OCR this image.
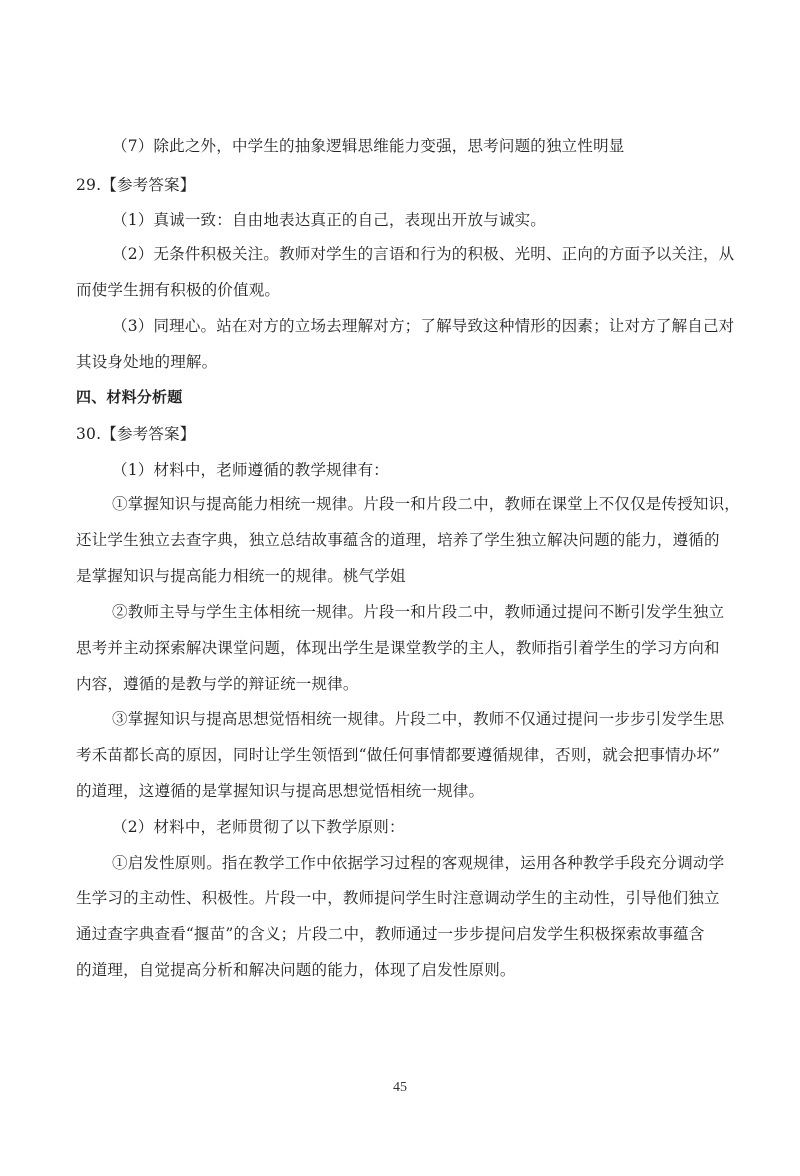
（7）除此之外，中学生的抽象逻辑思维能力变强，思考问题的独立性明显
29.【参考答案】
（1）真诚一致：自由地表达真正的自己，表现出开放与诚实。
（2）无条件积极关注。教师对学生的言语和行为的积极、光明、正向的方面予以关注，从
而使学生拥有积极的价值观。
（3）同理心。站在对方的立场去理解对方；了解导致这种情形的因素；让对方了解自己对
其设身处地的理解。
四、材料分析题
30.【参考答案】
（1）材料中，老师遵循的教学规律有：
①掌握知识与提高能力相统一规律。片段一和片段二中，教师在课堂上不仅仅是传授知识，
还让学生独立去查字典，独立总结故事蕴含的道理，培养了学生独立解决问题的能力，遵循的
是掌握知识与提高能力相统一的规律。桃气学姐
②教师主导与学生主体相统一规律。片段一和片段二中，教师通过提问不断引发学生独立
思考并主动探索解决课堂问题，体现出学生是课堂教学的主人，教师指引着学生的学习方向和
内容，遵循的是教与学的辩证统一规律。
③掌握知识与提高思想觉悟相统一规律。片段二中，教师不仅通过提问一步步引发学生思
考禾苗都长高的原因，同时让学生领悟到“做任何事情都要遵循规律，否则，就会把事情办坏”
的道理，这遵循的是掌握知识与提高思想觉悟相统一规律。
（2）材料中，老师贯彻了以下教学原则：
①启发性原则。指在教学工作中依据学习过程的客观规律，运用各种教学手段充分调动学
生学习的主动性、积极性。片段一中，教师提问学生时注意调动学生的主动性，引导他们独立
通过查字典查看“揠苗”的含义；片段二中，教师通过一步步提问启发学生积极探索故事蕴含
的道理，自觉提高分析和解决问题的能力，体现了启发性原则。
45
